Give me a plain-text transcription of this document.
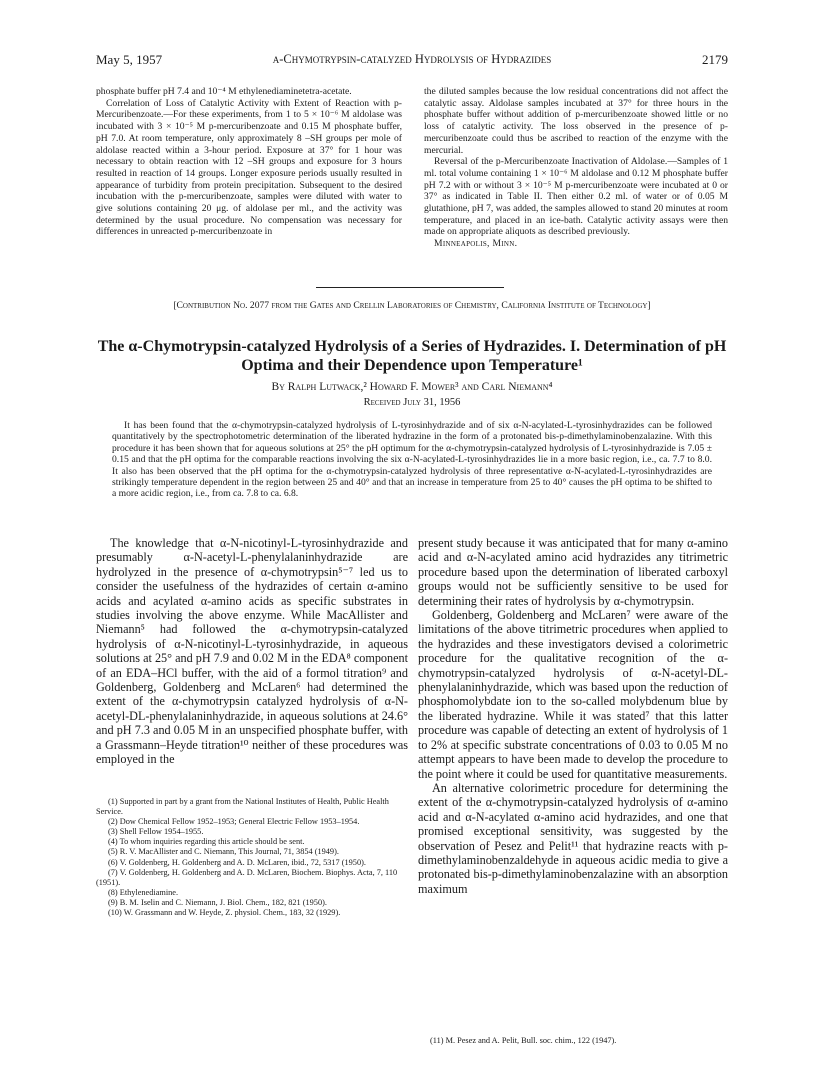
May 5, 1957	α-Chymotrypsin-catalyzed Hydrolysis of Hydrazides	2179

phosphate buffer pH 7.4 and 10⁻⁴ M ethylenediaminetetra-acetate.

Correlation of Loss of Catalytic Activity with Extent of Reaction with p-Mercuribenzoate.—For these experiments, from 1 to 5 × 10⁻⁶ M aldolase was incubated with 3 × 10⁻⁵ M p-mercuribenzoate and 0.15 M phosphate buffer, pH 7.0. At room temperature, only approximately 8 –SH groups per mole of aldolase reacted within a 3-hour period. Exposure at 37° for 1 hour was necessary to obtain reaction with 12 –SH groups and exposure for 3 hours resulted in reaction of 14 groups. Longer exposure periods usually resulted in appearance of turbidity from protein precipitation. Subsequent to the desired incubation with the p-mercuribenzoate, samples were diluted with water to give solutions containing 20 μg. of aldolase per ml., and the activity was determined by the usual procedure. No compensation was necessary for differences in unreacted p-mercuribenzoate in

the diluted samples because the low residual concentrations did not affect the catalytic assay. Aldolase samples incubated at 37° for three hours in the phosphate buffer without addition of p-mercuribenzoate showed little or no loss of catalytic activity. The loss observed in the presence of p-mercuribenzoate could thus be ascribed to reaction of the enzyme with the mercurial.

Reversal of the p-Mercuribenzoate Inactivation of Aldolase.—Samples of 1 ml. total volume containing 1 × 10⁻⁶ M aldolase and 0.12 M phosphate buffer pH 7.2 with or without 3 × 10⁻⁵ M p-mercuribenzoate were incubated at 0 or 37° as indicated in Table II. Then either 0.2 ml. of water or of 0.05 M glutathione, pH 7, was added, the samples allowed to stand 20 minutes at room temperature, and placed in an ice-bath. Catalytic activity assays were then made on appropriate aliquots as described previously.

Minneapolis, Minn.

[Contribution No. 2077 from the Gates and Crellin Laboratories of Chemistry, California Institute of Technology]
The α-Chymotrypsin-catalyzed Hydrolysis of a Series of Hydrazides. I. Determination of pH Optima and their Dependence upon Temperature¹
By Ralph Lutwack,² Howard F. Mower³ and Carl Niemann⁴
Received July 31, 1956

It has been found that the α-chymotrypsin-catalyzed hydrolysis of L-tyrosinhydrazide and of six α-N-acylated-L-tyrosinhydrazides can be followed quantitatively by the spectrophotometric determination of the liberated hydrazine in the form of a protonated bis-p-dimethylaminobenzalazine. With this procedure it has been shown that for aqueous solutions at 25° the pH optimum for the α-chymotrypsin-catalyzed hydrolysis of L-tyrosinhydrazide is 7.05 ± 0.15 and that the pH optima for the comparable reactions involving the six α-N-acylated-L-tyrosinhydrazides lie in a more basic region, i.e., ca. 7.7 to 8.0. It also has been observed that the pH optima for the α-chymotrypsin-catalyzed hydrolysis of three representative α-N-acylated-L-tyrosinhydrazides are strikingly temperature dependent in the region between 25 and 40° and that an increase in temperature from 25 to 40° causes the pH optima to be shifted to a more acidic region, i.e., from ca. 7.8 to ca. 6.8.

The knowledge that α-N-nicotinyl-L-tyrosinhydrazide and presumably α-N-acetyl-L-phenylalaninhydrazide are hydrolyzed in the presence of α-chymotrypsin⁵⁻⁷ led us to consider the usefulness of the hydrazides of certain α-amino acids and acylated α-amino acids as specific substrates in studies involving the above enzyme. While MacAllister and Niemann⁵ had followed the α-chymotrypsin-catalyzed hydrolysis of α-N-nicotinyl-L-tyrosinhydrazide, in aqueous solutions at 25° and pH 7.9 and 0.02 M in the EDA⁸ component of an EDA–HCl buffer, with the aid of a formol titration⁹ and Goldenberg, Goldenberg and McLaren⁶ had determined the extent of the α-chymotrypsin catalyzed hydrolysis of α-N-acetyl-DL-phenylalaninhydrazide, in aqueous solutions at 24.6° and pH 7.3 and 0.05 M in an unspecified phosphate buffer, with a Grassmann–Heyde titration¹⁰ neither of these procedures was employed in the

(1) Supported in part by a grant from the National Institutes of Health, Public Health Service.
(2) Dow Chemical Fellow 1952–1953; General Electric Fellow 1953–1954.
(3) Shell Fellow 1954–1955.
(4) To whom inquiries regarding this article should be sent.
(5) R. V. MacAllister and C. Niemann, This Journal, 71, 3854 (1949).
(6) V. Goldenberg, H. Goldenberg and A. D. McLaren, ibid., 72, 5317 (1950).
(7) V. Goldenberg, H. Goldenberg and A. D. McLaren, Biochem. Biophys. Acta, 7, 110 (1951).
(8) Ethylenediamine.
(9) B. M. Iselin and C. Niemann, J. Biol. Chem., 182, 821 (1950).
(10) W. Grassmann and W. Heyde, Z. physiol. Chem., 183, 32 (1929).

present study because it was anticipated that for many α-amino acid and α-N-acylated amino acid hydrazides any titrimetric procedure based upon the determination of liberated carboxyl groups would not be sufficiently sensitive to be used for determining their rates of hydrolysis by α-chymotrypsin.

Goldenberg, Goldenberg and McLaren⁷ were aware of the limitations of the above titrimetric procedures when applied to the hydrazides and these investigators devised a colorimetric procedure for the qualitative recognition of the α-chymotrypsin-catalyzed hydrolysis of α-N-acetyl-DL-phenylalaninhydrazide, which was based upon the reduction of phosphomolybdate ion to the so-called molybdenum blue by the liberated hydrazine. While it was stated⁷ that this latter procedure was capable of detecting an extent of hydrolysis of 1 to 2% at specific substrate concentrations of 0.03 to 0.05 M no attempt appears to have been made to develop the procedure to the point where it could be used for quantitative measurements.

An alternative colorimetric procedure for determining the extent of the α-chymotrypsin-catalyzed hydrolysis of α-amino acid and α-N-acylated α-amino acid hydrazides, and one that promised exceptional sensitivity, was suggested by the observation of Pesez and Pelit¹¹ that hydrazine reacts with p-dimethylaminobenzaldehyde in aqueous acidic media to give a protonated bis-p-dimethylaminobenzalazine with an absorption maximum

(11) M. Pesez and A. Pelit, Bull. soc. chim., 122 (1947).
